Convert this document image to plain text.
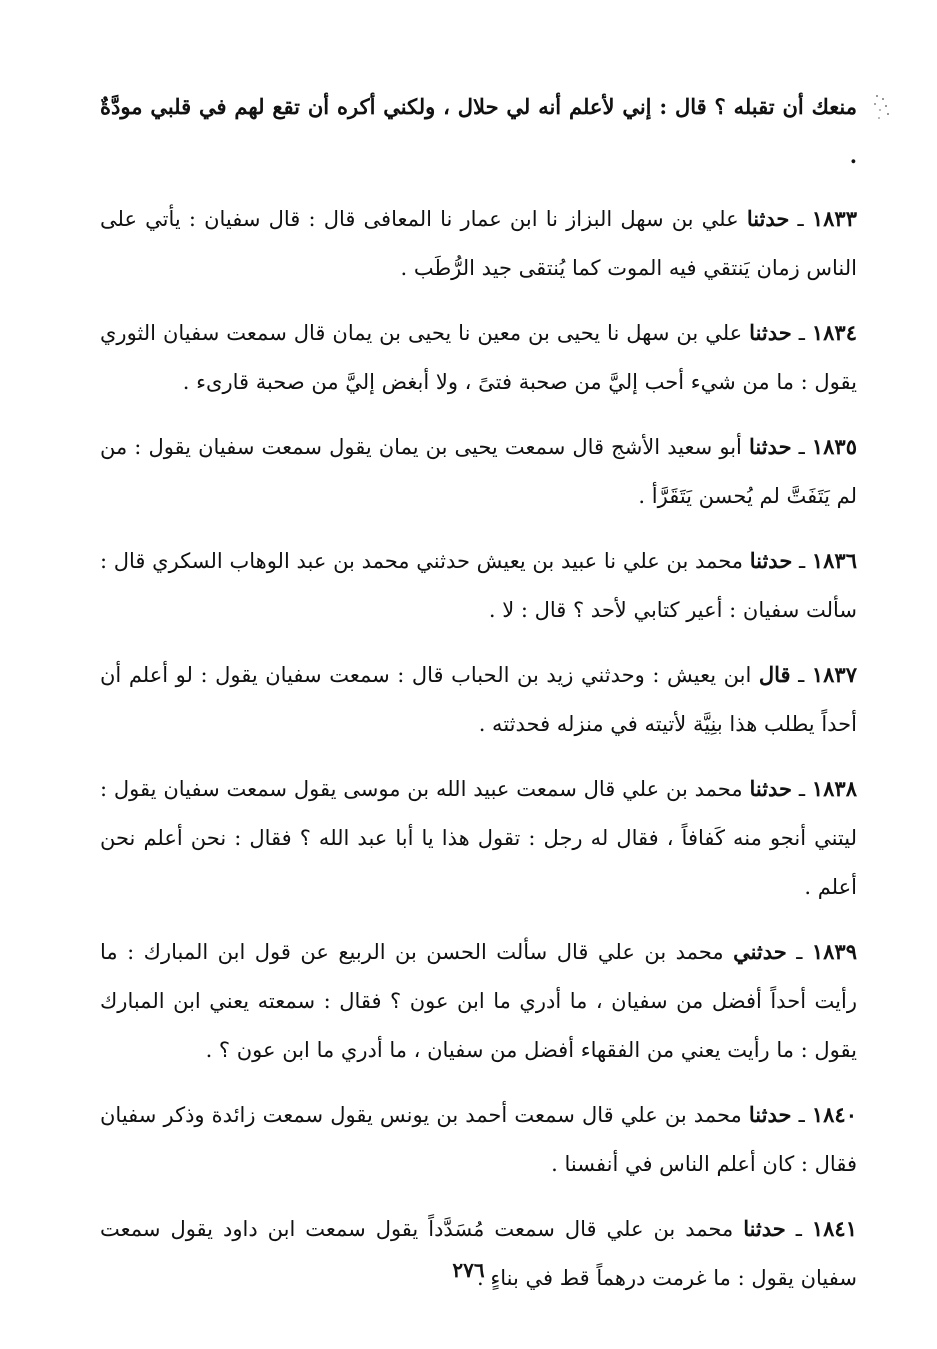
منعك أن تقبله ؟ قال : إني لأعلم أنه لي حلال ، ولكني أكره أن تقع لهم في قلبي مودَّةٌ .

١٨٣٣ ـ حدثنا علي بن سهل البزاز نا ابن عمار نا المعافى قال : قال سفيان : يأتي على الناس زمان يَنتقي فيه الموت كما يُنتقى جيد الرُّطَب .

١٨٣٤ ـ حدثنا علي بن سهل نا يحيى بن معين نا يحيى بن يمان قال سمعت سفيان الثوري يقول : ما من شيء أحب إليَّ من صحبة فتىً ، ولا أبغض إليَّ من صحبة قارىء .

١٨٣٥ ـ حدثنا أبو سعيد الأشج قال سمعت يحيى بن يمان يقول سمعت سفيان يقول : من لم يَتَفَتَّ لم يُحسن يَتَقَرَّأ .

١٨٣٦ ـ حدثنا محمد بن علي نا عبيد بن يعيش حدثني محمد بن عبد الوهاب السكري قال : سألت سفيان : أعير كتابي لأحد ؟ قال : لا .

١٨٣٧ ـ قال ابن يعيش : وحدثني زيد بن الحباب قال : سمعت سفيان يقول : لو أعلم أن أحداً يطلب هذا بنِيَّة لأتيته في منزله فحدثته .

١٨٣٨ ـ حدثنا محمد بن علي قال سمعت عبيد الله بن موسى يقول سمعت سفيان يقول : ليتني أنجو منه كَفافاً ، فقال له رجل : تقول هذا يا أبا عبد الله ؟ فقال : نحن أعلم نحن أعلم .

١٨٣٩ ـ حدثني محمد بن علي قال سألت الحسن بن الربيع عن قول ابن المبارك : ما رأيت أحداً أفضل من سفيان ، ما أدري ما ابن عون ؟ فقال : سمعته يعني ابن المبارك يقول : ما رأيت يعني من الفقهاء أفضل من سفيان ، ما أدري ما ابن عون ؟ .

١٨٤٠ ـ حدثنا محمد بن علي قال سمعت أحمد بن يونس يقول سمعت زائدة وذكر سفيان فقال : كان أعلم الناس في أنفسنا .

١٨٤١ ـ حدثنا محمد بن علي قال سمعت مُسَدَّداً يقول سمعت ابن داود يقول سمعت سفيان يقول : ما غرمت درهماً قط في بناءٍ .

٢٧٦
